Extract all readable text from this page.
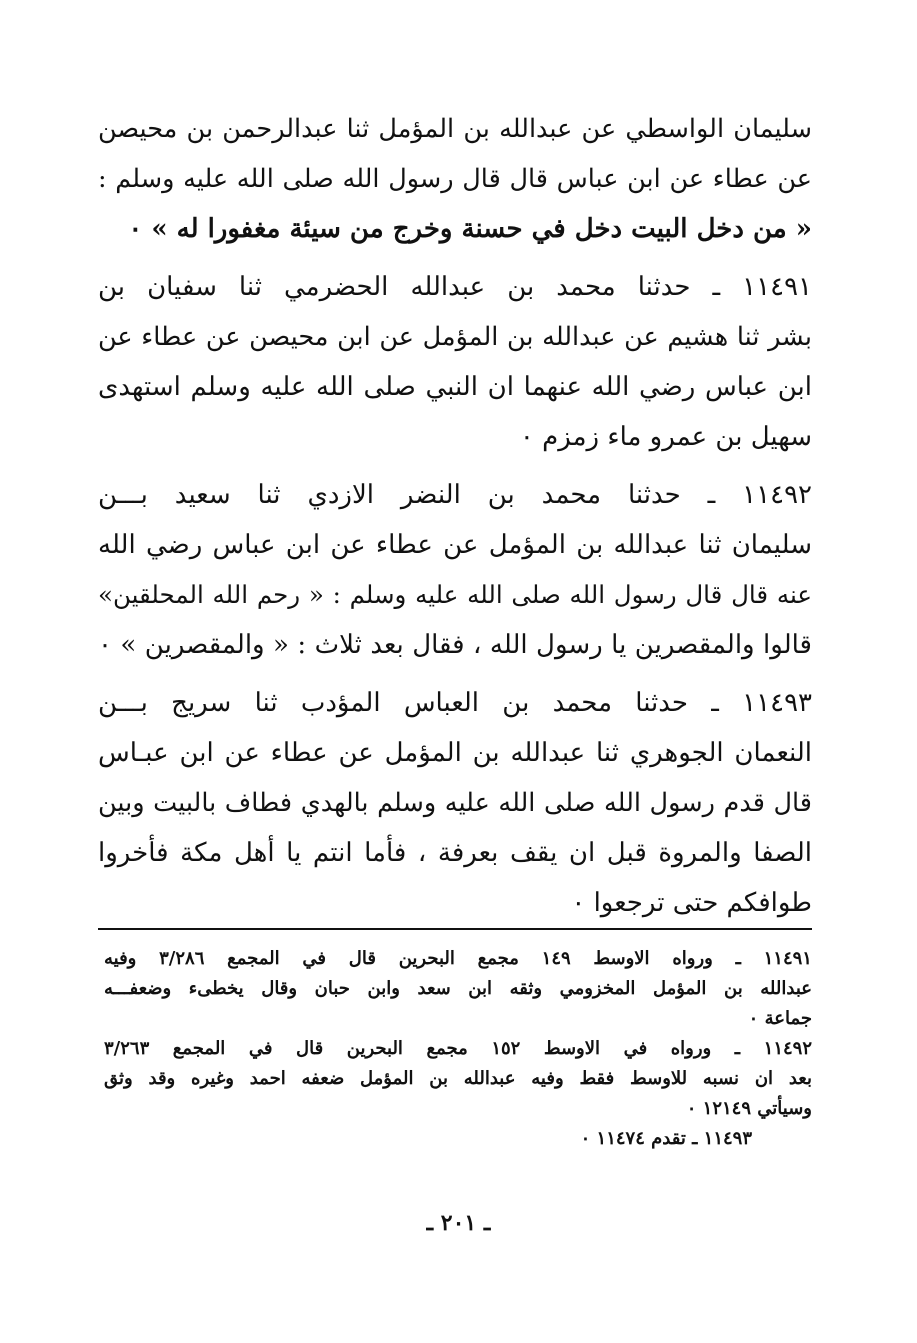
سليمان الواسطي عن عبدالله بن المؤمل ثنا عبدالرحمن بن محيصن
عن عطاء عن ابن عباس قال قال رسول الله صلى الله عليه وسلم :
« من دخل البيت دخل في حسنة وخرج من سيئة مغفورا له » ٠
١١٤٩١ ـ حدثنا محمد بن عبدالله الحضرمي ثنا سفيان بن
بشر ثنا هشيم عن عبدالله بن المؤمل عن ابن محيصن عن عطاء عن
ابن عباس رضي الله عنهما ان النبي صلى الله عليه وسلم استهدى
سهيل بن عمرو ماء زمزم ٠
١١٤٩٢ ـ حدثنا محمد بن النضر الازدي ثنا سعيد بـــن
سليمان ثنا عبدالله بن المؤمل عن عطاء عن ابن عباس رضي الله
عنه قال قال رسول الله صلى الله عليه وسلم : « رحم الله المحلقين»
قالوا والمقصرين يا رسول الله ، فقال بعد ثلاث : « والمقصرين » ٠
١١٤٩٣ ـ حدثنا محمد بن العباس المؤدب ثنا سريج بـــن
النعمان الجوهري ثنا عبدالله بن المؤمل عن عطاء عن ابن عبـاس
قال قدم رسول الله صلى الله عليه وسلم بالهدي فطاف بالبيت وبين
الصفا والمروة قبل ان يقف بعرفة ، فأما انتم يا أهل مكة فأخروا
طوافكم حتى ترجعوا ٠
١١٤٩١ ـ ورواه الاوسط ١٤٩ مجمع البحرين قال في المجمع ٣/٢٨٦ وفيه
عبدالله بن المؤمل المخزومي وثقه ابن سعد وابن حبان وقال يخطىء وضعفـــه
جماعة ٠
١١٤٩٢ ـ ورواه في الاوسط ١٥٢ مجمع البحرين قال في المجمع ٣/٢٦٣
بعد ان نسبه للاوسط فقط وفيه عبدالله بن المؤمل ضعفه احمد وغيره وقد وثق
وسيأتي ١٢١٤٩ ٠
١١٤٩٣ ـ تقدم ١١٤٧٤ ٠
ـ ٢٠١ ـ
